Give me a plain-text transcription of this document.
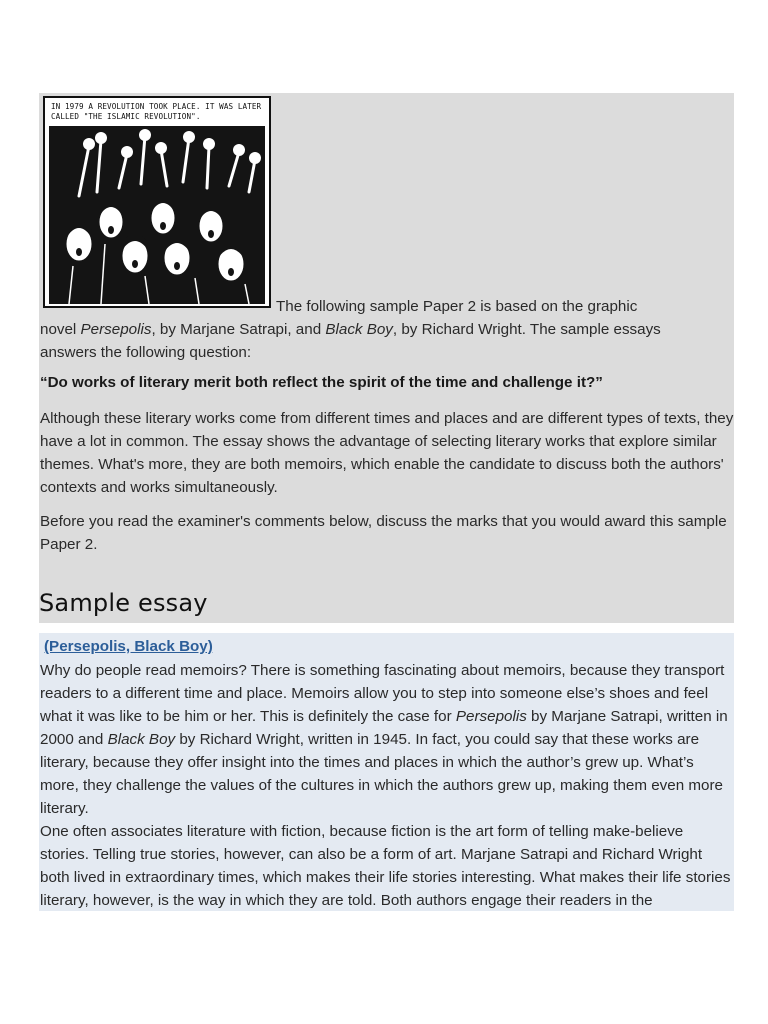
IN 1979 A REVOLUTION TOOK PLACE. IT WAS LATER CALLED "THE ISLAMIC REVOLUTION".
The following sample Paper 2 is based on the graphic
novel Persepolis, by Marjane Satrapi, and Black Boy, by Richard Wright. The sample essays
answers the following question:
“Do works of literary merit both reflect the spirit of the time and challenge it?”

Although these literary works come from different times and places and are different types of texts, they have a lot in common. The essay shows the advantage of selecting literary works that explore similar themes. What's more, they are both memoirs, which enable the candidate to discuss both the authors' contexts and works simultaneously.

Before you read the examiner's comments below, discuss the marks that you would award this sample Paper 2.

Sample essay
(Persepolis, Black Boy)

Why do people read memoirs? There is something fascinating about memoirs, because they transport readers to a different time and place. Memoirs allow you to step into someone else’s shoes and feel what it was like to be him or her. This is definitely the case for Persepolis by Marjane Satrapi, written in 2000 and Black Boy by Richard Wright, written in 1945. In fact, you could say that these works are literary, because they offer insight into the times and places in which the author’s grew up. What’s more, they challenge the values of the cultures in which the authors grew up, making them even more literary.

One often associates literature with fiction, because fiction is the art form of telling make-believe stories. Telling true stories, however, can also be a form of art. Marjane Satrapi and Richard Wright both lived in extraordinary times, which makes their life stories interesting. What makes their life stories literary, however, is the way in which they are told. Both authors engage their readers in the
